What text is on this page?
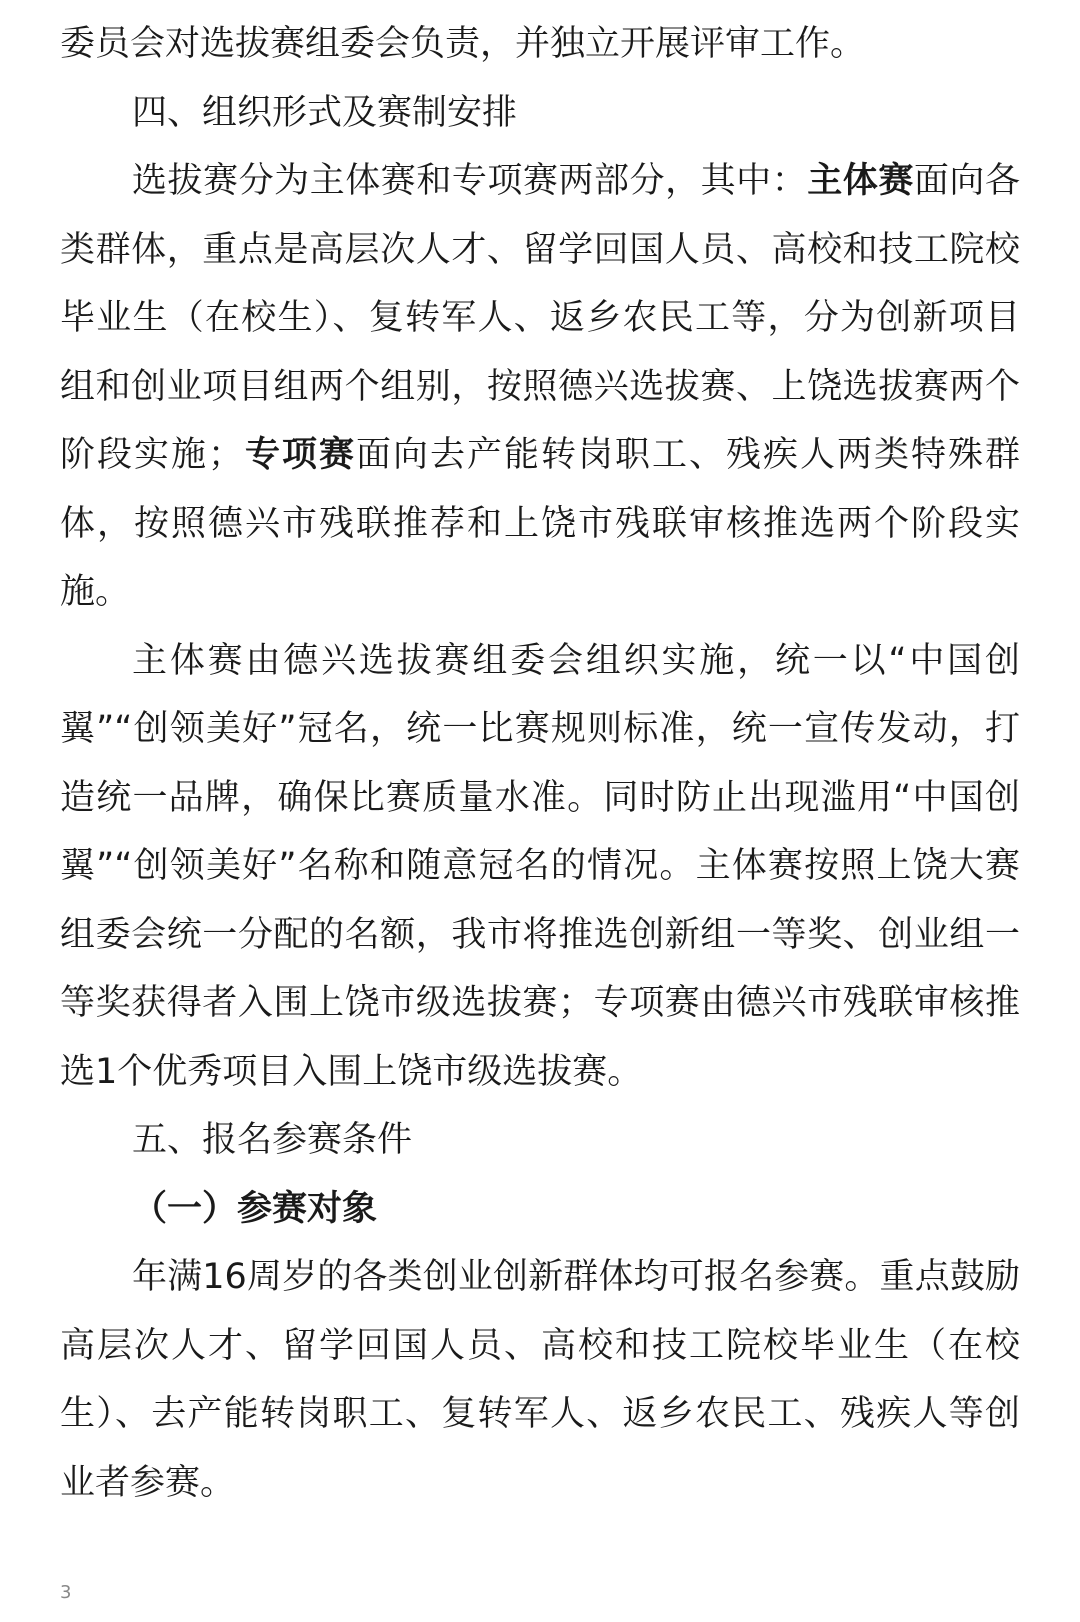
委员会对选拔赛组委会负责，并独立开展评审工作。

四、组织形式及赛制安排

选拔赛分为主体赛和专项赛两部分，其中：主体赛面向各类群体，重点是高层次人才、留学回国人员、高校和技工院校毕业生（在校生）、复转军人、返乡农民工等，分为创新项目组和创业项目组两个组别，按照德兴选拔赛、上饶选拔赛两个阶段实施；专项赛面向去产能转岗职工、残疾人两类特殊群体，按照德兴市残联推荐和上饶市残联审核推选两个阶段实施。

主体赛由德兴选拔赛组委会组织实施，统一以“中国创翼”“创领美好”冠名，统一比赛规则标准，统一宣传发动，打造统一品牌，确保比赛质量水准。同时防止出现滥用“中国创翼”“创领美好”名称和随意冠名的情况。主体赛按照上饶大赛组委会统一分配的名额，我市将推选创新组一等奖、创业组一等奖获得者入围上饶市级选拔赛；专项赛由德兴市残联审核推选1个优秀项目入围上饶市级选拔赛。

五、报名参赛条件

（一）参赛对象

年满16周岁的各类创业创新群体均可报名参赛。重点鼓励高层次人才、留学回国人员、高校和技工院校毕业生（在校生）、去产能转岗职工、复转军人、返乡农民工、残疾人等创业者参赛。

3
